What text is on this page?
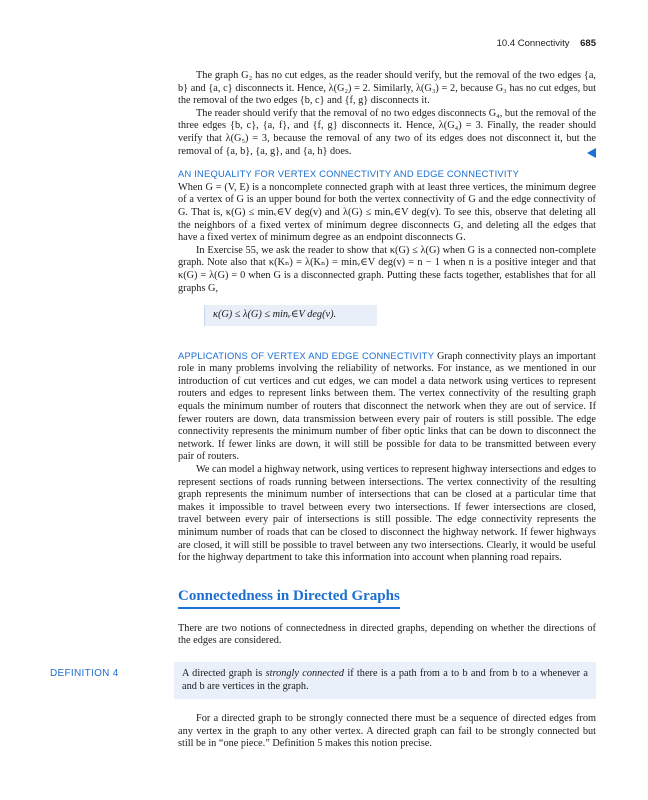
10.4 Connectivity 685

The graph G₂ has no cut edges, as the reader should verify, but the removal of the two edges {a, b} and {a, c} disconnects it. Hence, λ(G₂) = 2. Similarly, λ(G₃) = 2, because G₃ has no cut edges, but the removal of the two edges {b, c} and {f, g} disconnects it.

The reader should verify that the removal of no two edges disconnects G₄, but the removal of the three edges {b, c}, {a, f}, and {f, g} disconnects it. Hence, λ(G₄) = 3. Finally, the reader should verify that λ(G₅) = 3, because the removal of any two of its edges does not disconnect it, but the removal of {a, b}, {a, g}, and {a, h} does.

AN INEQUALITY FOR VERTEX CONNECTIVITY AND EDGE CONNECTIVITY
When G = (V, E) is a noncomplete connected graph with at least three vertices, the minimum degree of a vertex of G is an upper bound for both the vertex connectivity of G and the edge connectivity of G. That is, κ(G) ≤ minᵥ∈V deg(v) and λ(G) ≤ minᵥ∈V deg(v). To see this, observe that deleting all the neighbors of a fixed vertex of minimum degree disconnects G, and deleting all the edges that have a fixed vertex of minimum degree as an endpoint disconnects G.

In Exercise 55, we ask the reader to show that κ(G) ≤ λ(G) when G is a connected non-complete graph. Note also that κ(Kₙ) = λ(Kₙ) = minᵥ∈V deg(v) = n − 1 when n is a positive integer and that κ(G) = λ(G) = 0 when G is a disconnected graph. Putting these facts together, establishes that for all graphs G,

κ(G) ≤ λ(G) ≤ minᵥ∈V deg(v).

APPLICATIONS OF VERTEX AND EDGE CONNECTIVITY Graph connectivity plays an important role in many problems involving the reliability of networks. For instance, as we mentioned in our introduction of cut vertices and cut edges, we can model a data network using vertices to represent routers and edges to represent links between them. The vertex connectivity of the resulting graph equals the minimum number of routers that disconnect the network when they are out of service. If fewer routers are down, data transmission between every pair of routers is still possible. The edge connectivity represents the minimum number of fiber optic links that can be down to disconnect the network. If fewer links are down, it will still be possible for data to be transmitted between every pair of routers.

We can model a highway network, using vertices to represent highway intersections and edges to represent sections of roads running between intersections. The vertex connectivity of the resulting graph represents the minimum number of intersections that can be closed at a particular time that makes it impossible to travel between every two intersections. If fewer intersections are closed, travel between every pair of intersections is still possible. The edge connectivity represents the minimum number of roads that can be closed to disconnect the highway network. If fewer highways are closed, it will still be possible to travel between any two intersections. Clearly, it would be useful for the highway department to take this information into account when planning road repairs.

Connectedness in Directed Graphs

There are two notions of connectedness in directed graphs, depending on whether the directions of the edges are considered.

DEFINITION 4	A directed graph is strongly connected if there is a path from a to b and from b to a whenever a and b are vertices in the graph.

For a directed graph to be strongly connected there must be a sequence of directed edges from any vertex in the graph to any other vertex. A directed graph can fail to be strongly connected but still be in “one piece.” Definition 5 makes this notion precise.
